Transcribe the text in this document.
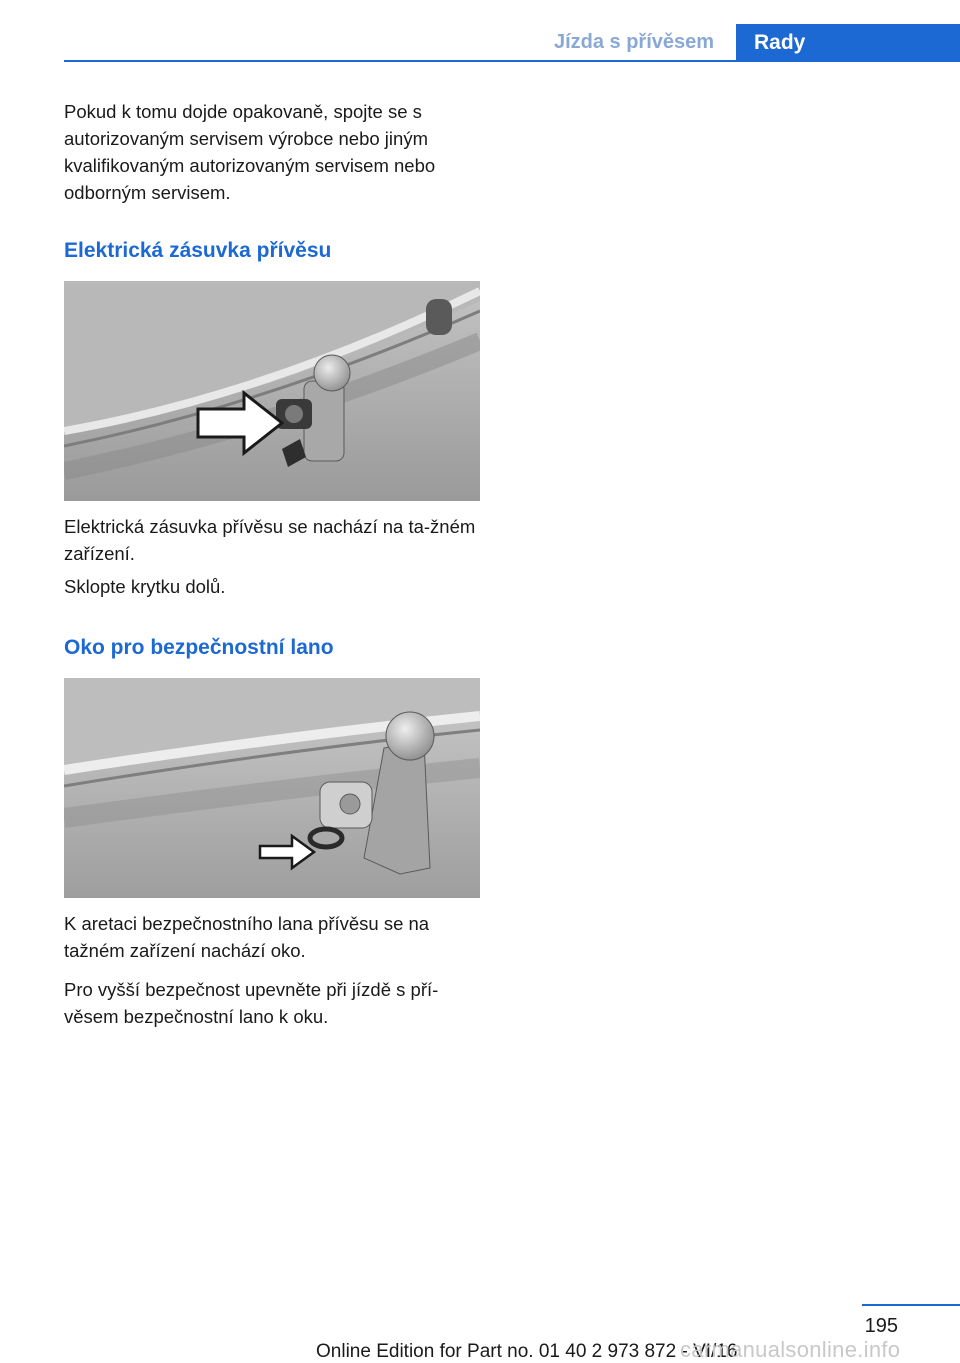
Jízda s přívěsem	Rady

Pokud k tomu dojde opakovaně, spojte se s autorizovaným servisem výrobce nebo jiným kvalifikovaným autorizovaným servisem nebo odborným servisem.

Elektrická zásuvka přívěsu

Elektrická zásuvka přívěsu se nachází na ta‐žném zařízení.

Sklopte krytku dolů.

Oko pro bezpečnostní lano

K aretaci bezpečnostního lana přívěsu se na tažném zařízení nachází oko.

Pro vyšší bezpečnost upevněte při jízdě s pří‐věsem bezpečnostní lano k oku.

195
Online Edition for Part no. 01 40 2 973 872 - VI/16
carmanualsonline.info
